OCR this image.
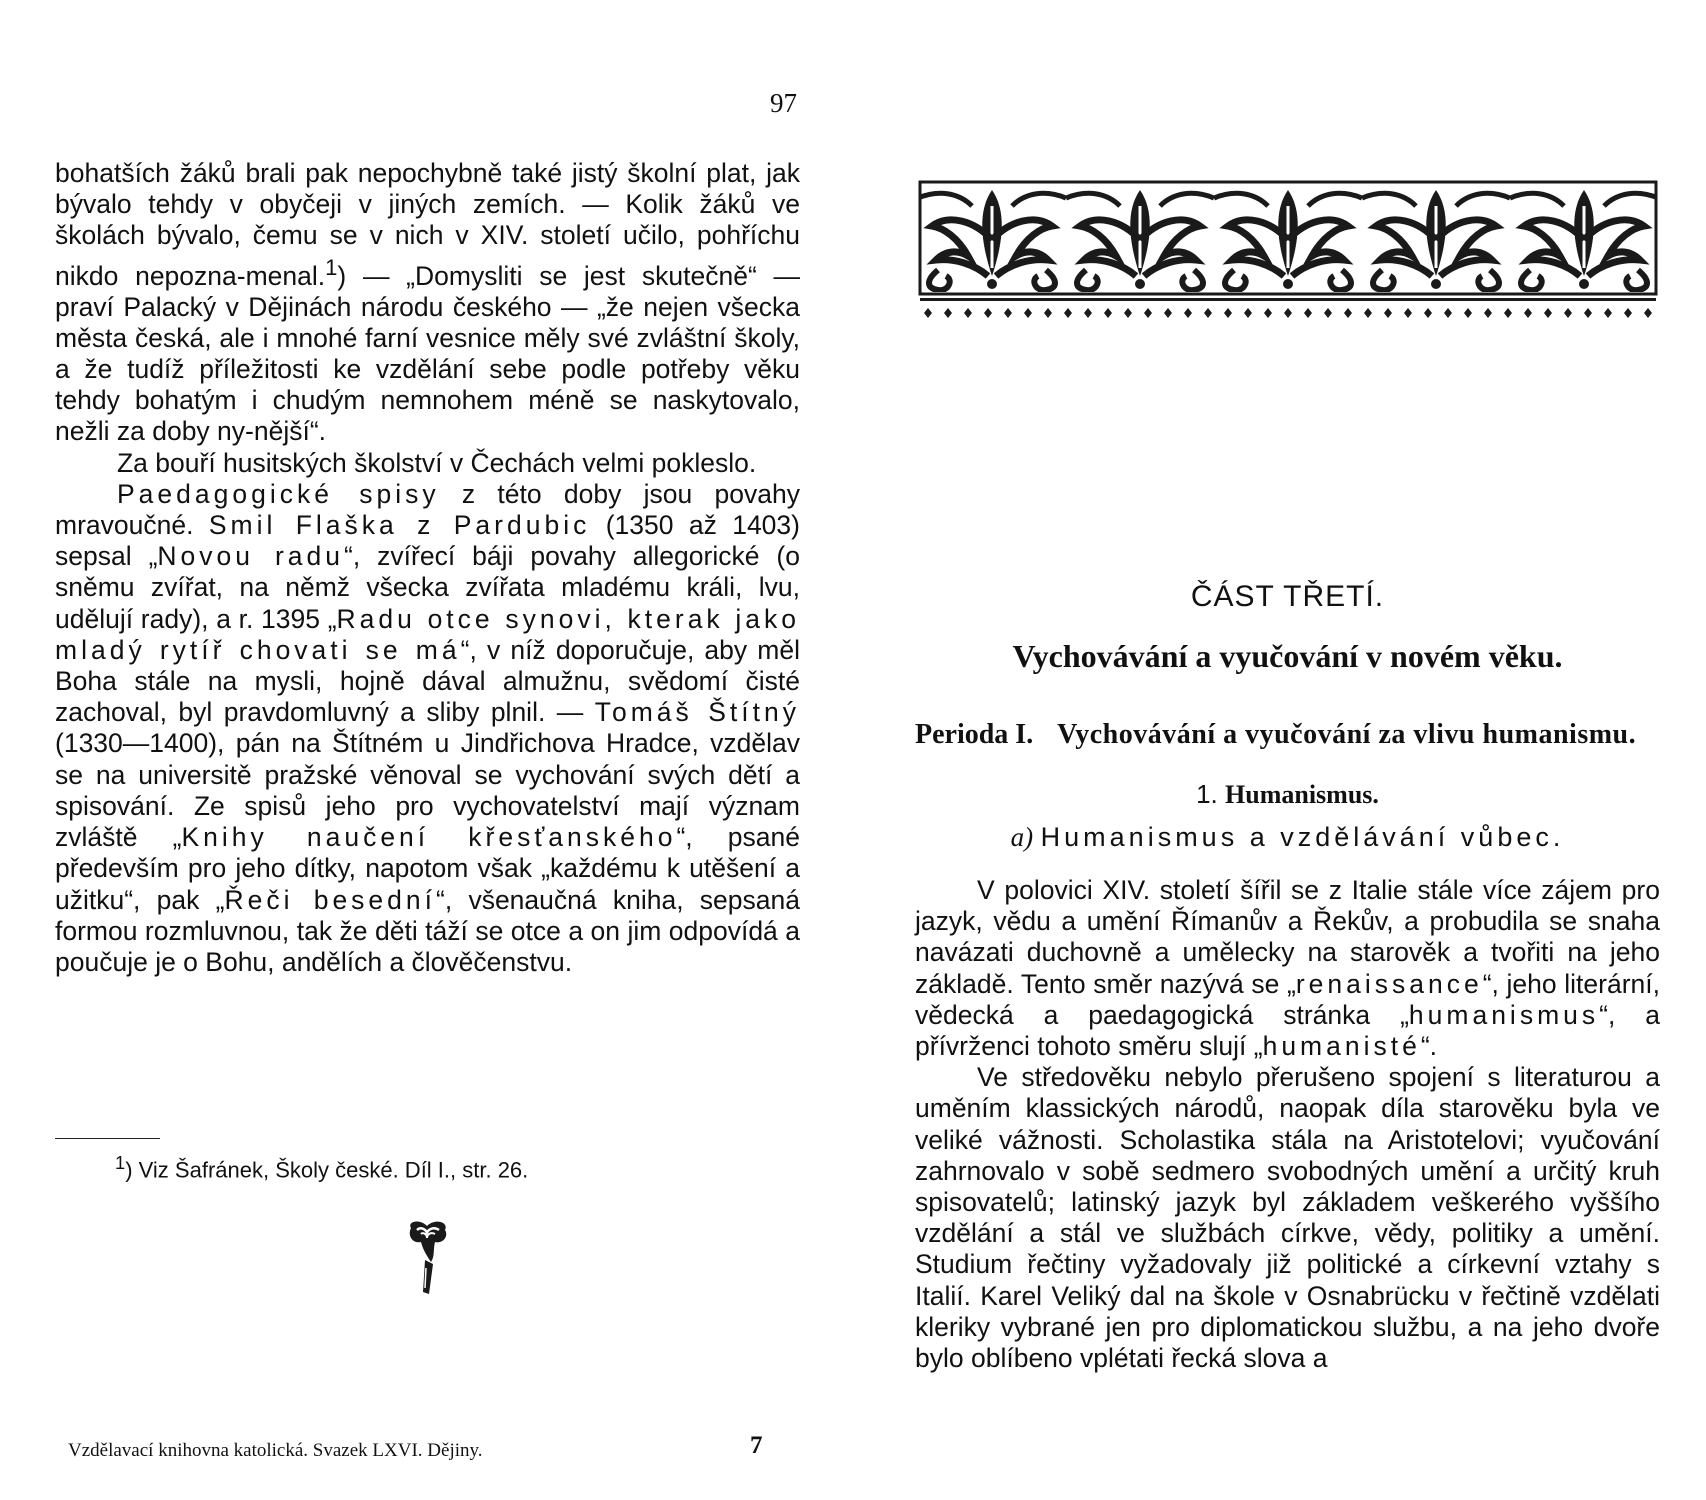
97

bohatších žáků brali pak nepochybně také jistý školní plat, jak bývalo tehdy v obyčeji v jiných zemích. — Kolik žáků ve školách bývalo, čemu se v nich v XIV. století učilo, pohříchu nikdo nepozna-menal.$^1$) — „Domysliti se jest skutečně“ — praví Palacký v Dějinách národu českého — „že nejen všecka města česká, ale i mnohé farní vesnice měly své zvláštní školy, a že tudíž příležitosti ke vzdělání sebe podle potřeby věku tehdy bohatým i chudým nemnohem méně se naskytovalo, nežli za doby ny-nější“.

Za bouří husitských školství v Čechách velmi pokleslo.

Paedagogické spisy z této doby jsou povahy mravoučné. Smil Flaška z Pardubic (1350 až 1403) sepsal „Novou radu“, zvířecí báji povahy allegorické (o sněmu zvířat, na němž všecka zvířata mladému králi, lvu, udělují rady), a r. 1395 „Radu otce synovi, kterak jako mladý rytíř chovati se má“, v níž doporučuje, aby měl Boha stále na mysli, hojně dával almužnu, svědomí čisté zachoval, byl pravdomluvný a sliby plnil. — Tomáš Štítný (1330—1400), pán na Štítném u Jindřichova Hradce, vzdělav se na universitě pražské věnoval se vychování svých dětí a spisování. Ze spisů jeho pro vychovatelství mají význam zvláště „Knihy naučení křesťanského“, psané především pro jeho dítky, napotom však „každému k utěšení a užitku“, pak „Řeči besední“, všenaučná kniha, sepsaná formou rozmluvnou, tak že děti táží se otce a on jim odpovídá a poučuje je o Bohu, andělích a člověčenstvu.

$^1$) Viz Šafránek, Školy české. Díl I., str. 26.
Vzdělavací knihovna katolická. Svazek LXVI. Dějiny.	7
ČÁST TŘETÍ.
Vychovávání a vyučování v novém věku.
Perioda I. Vychovávání a vyučování za vlivu humanismu.
1. Humanismus.
a) Humanismus a vzdělávání vůbec.

V polovici XIV. století šířil se z Italie stále více zájem pro jazyk, vědu a umění Římanův a Řekův, a probudila se snaha navázati duchovně a umělecky na starověk a tvořiti na jeho základě. Tento směr nazývá se „renaissance“, jeho literární, vědecká a paedagogická stránka „humanismus“, a přívrženci tohoto směru slují „humanisté“.

Ve středověku nebylo přerušeno spojení s literaturou a uměním klassických národů, naopak díla starověku byla ve veliké vážnosti. Scholastika stála na Aristotelovi; vyučování zahrnovalo v sobě sedmero svobodných umění a určitý kruh spisovatelů; latinský jazyk byl základem veškerého vyššího vzdělání a stál ve službách církve, vědy, politiky a umění. Studium řečtiny vyžadovaly již politické a církevní vztahy s Italií. Karel Veliký dal na škole v Osnabrücku v řečtině vzdělati kleriky vybrané jen pro diplomatickou službu, a na jeho dvoře bylo oblíbeno vplétati řecká slova a
